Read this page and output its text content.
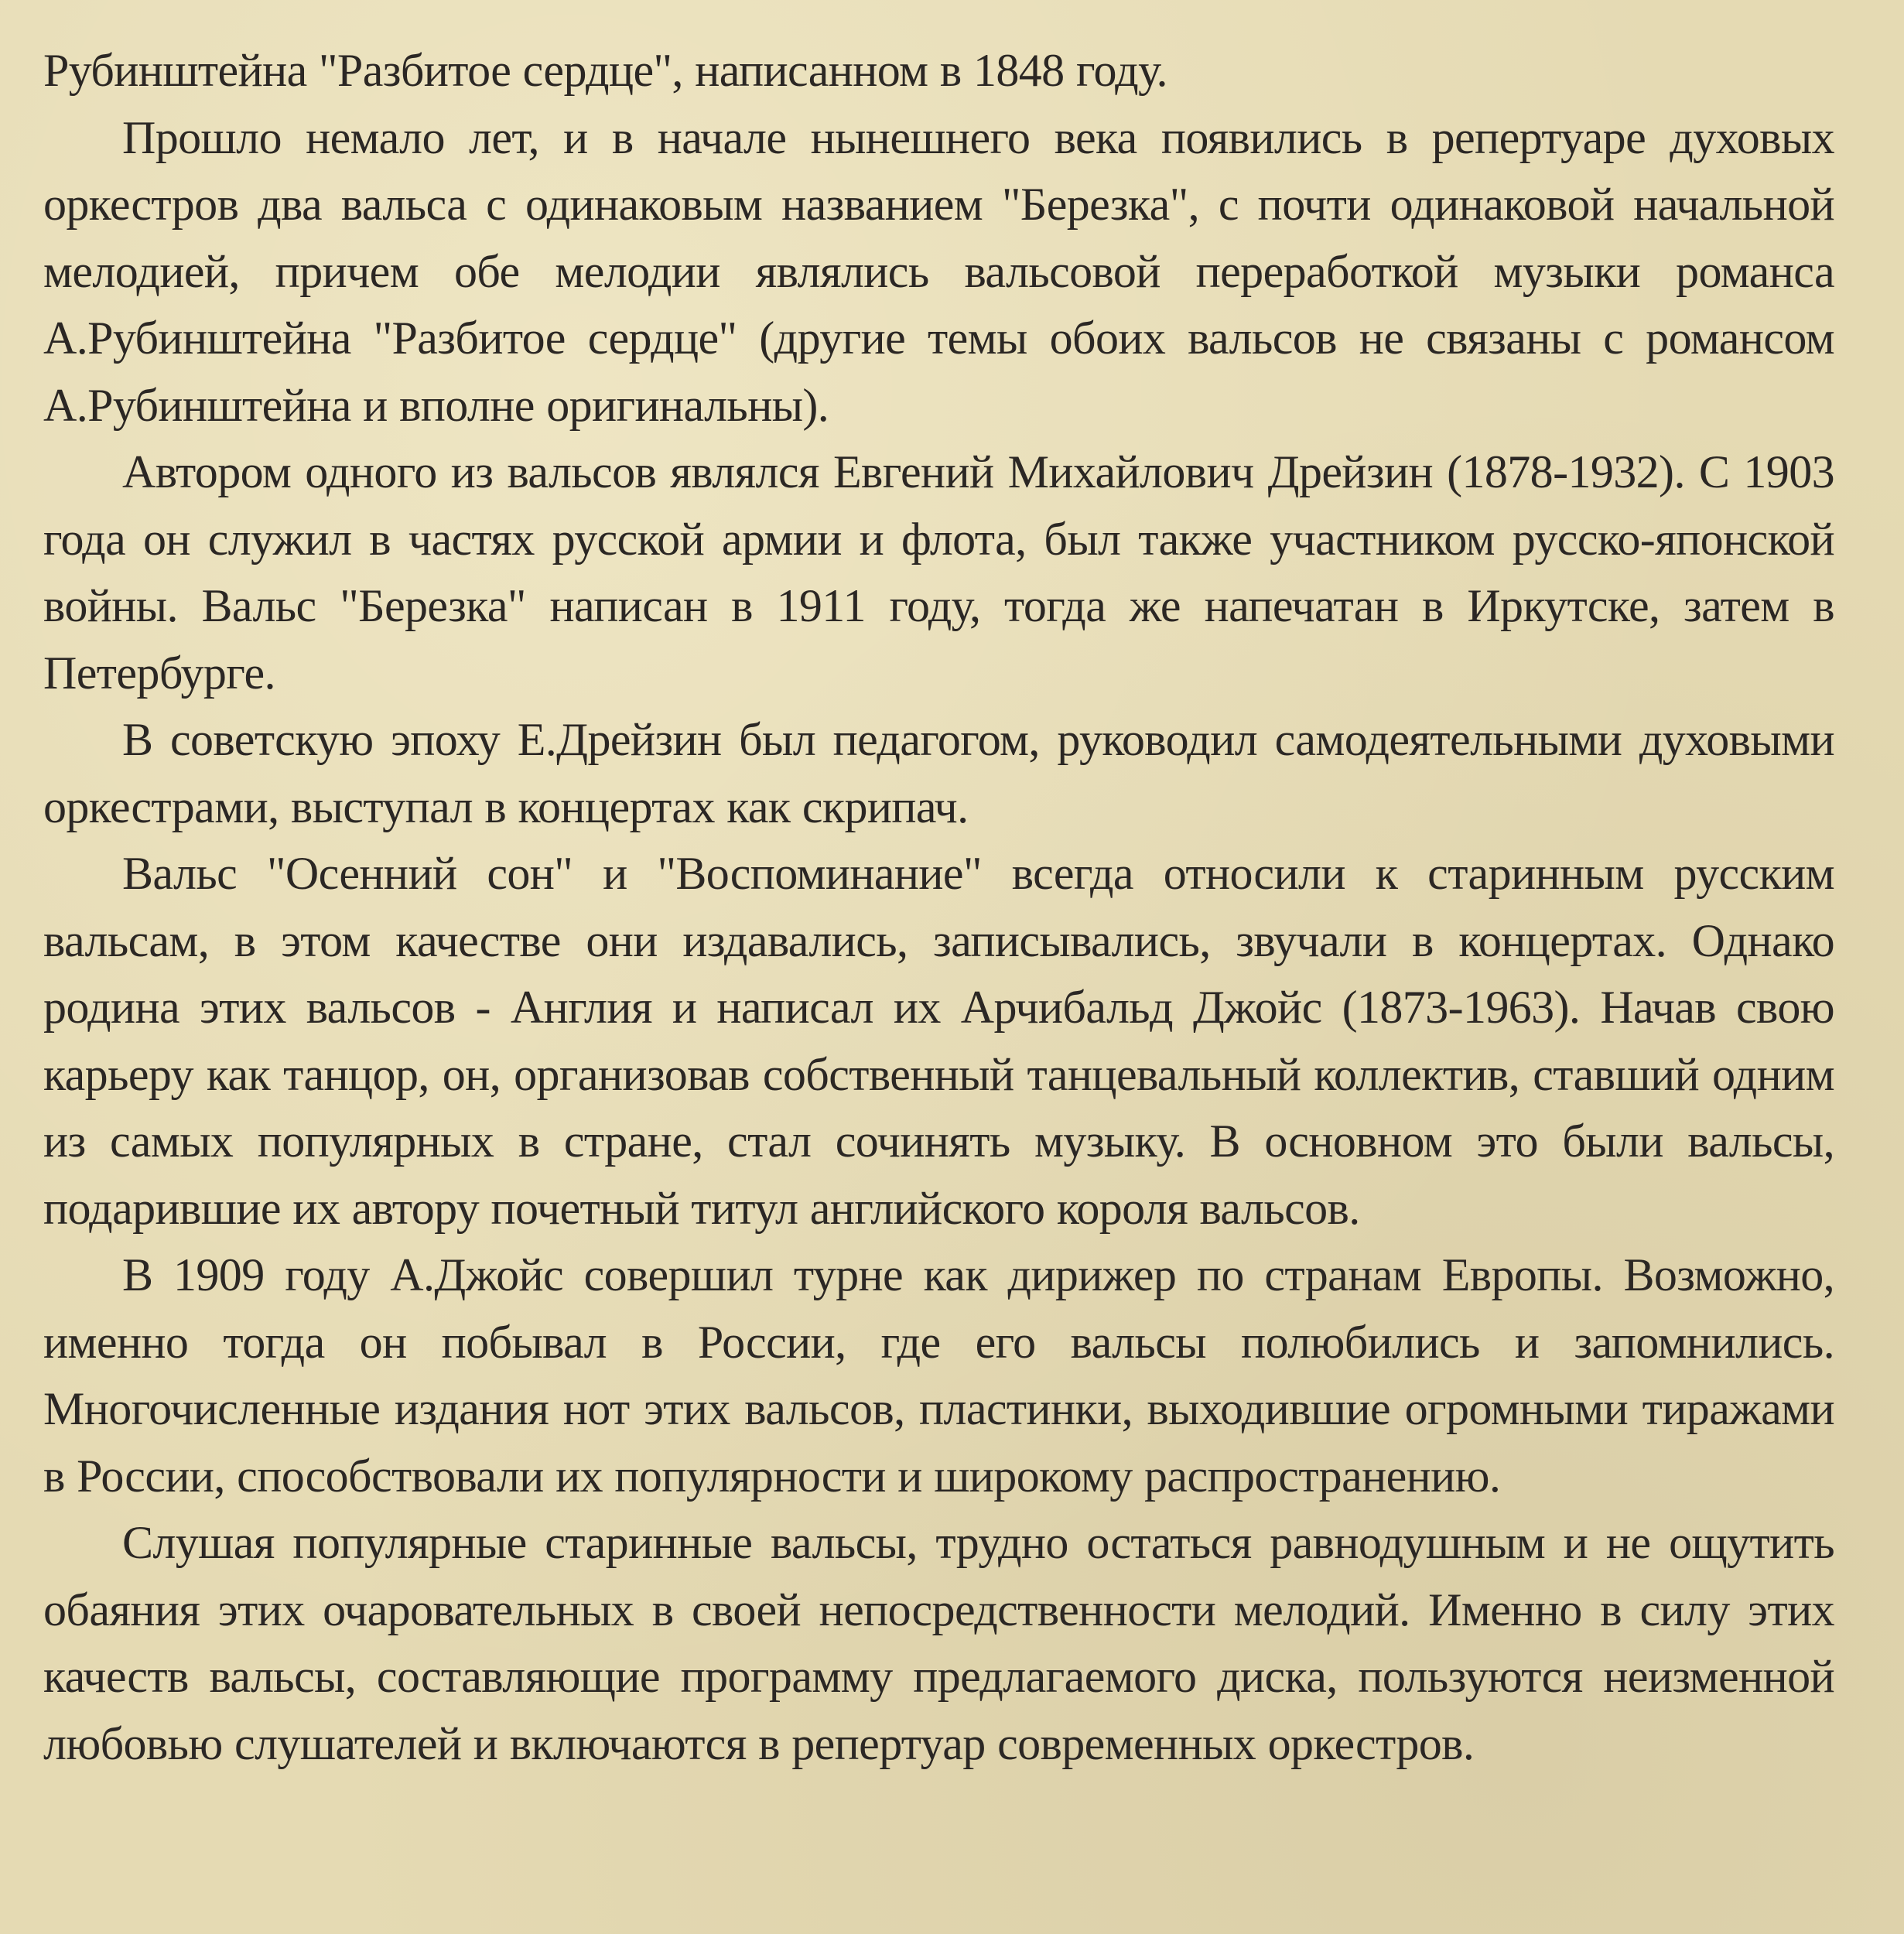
Рубинштейна "Разбитое сердце", написанном в 1848 году.

Прошло немало лет, и в начале нынешнего века появились в репертуаре духовых оркестров два вальса с одинаковым названием "Березка", с почти одинаковой начальной мелодией, причем обе мелодии являлись вальсовой переработкой музыки романса А.Рубинштейна "Разбитое сердце" (другие темы обоих вальсов не связаны с романсом А.Рубинштейна и вполне оригинальны).

Автором одного из вальсов являлся Евгений Михайлович Дрейзин (1878-1932). С 1903 года он служил в частях русской армии и флота, был также участником русско-японской войны. Вальс "Березка" написан в 1911 году, тогда же напечатан в Иркутске, затем в Петербурге.

В советскую эпоху Е.Дрейзин был педагогом, руководил самодеятельными духовыми оркестрами, выступал в концертах как скрипач.

Вальс "Осенний сон" и "Воспоминание" всегда относили к старинным русским вальсам, в этом качестве они издавались, записывались, звучали в концертах. Однако родина этих вальсов - Англия и написал их Арчибальд Джойс (1873-1963). Начав свою карьеру как танцор, он, организовав собственный танцевальный коллектив, ставший одним из самых популярных в стране, стал сочинять музыку. В основном это были вальсы, подарившие их автору почетный титул английского короля вальсов.

В 1909 году А.Джойс совершил турне как дирижер по странам Европы. Возможно, именно тогда он побывал в России, где его вальсы полюбились и запомнились. Многочисленные издания нот этих вальсов, пластинки, выходившие огромными тиражами в России, способствовали их популярности и широкому распространению.

Слушая популярные старинные вальсы, трудно остаться равнодушным и не ощутить обаяния этих очаровательных в своей непосредственности мелодий. Именно в силу этих качеств вальсы, составляющие программу предлагаемого диска, пользуются неизменной любовью слушателей и включаются в репертуар современных оркестров.
